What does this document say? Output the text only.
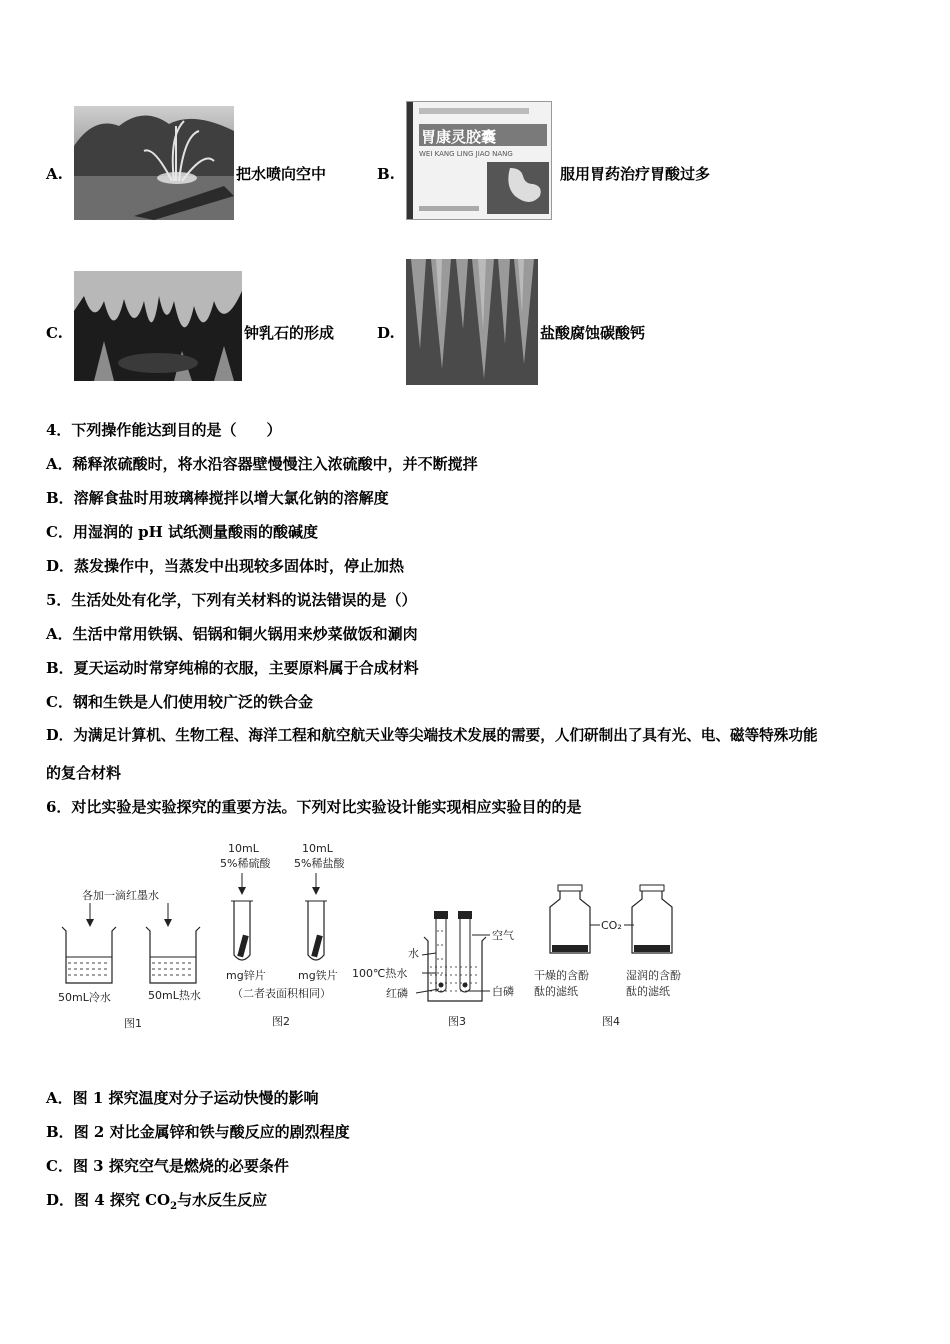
A.	把水喷向空中	B.
胃康灵胶囊
WEI KANG LING JIAO NANG
服用胃药治疗胃酸过多
C.	钟乳石的形成	D.	盐酸腐蚀碳酸钙
4．下列操作能达到目的是（　　）
A．稀释浓硫酸时，将水沿容器壁慢慢注入浓硫酸中，并不断搅拌
B．溶解食盐时用玻璃棒搅拌以增大氯化钠的溶解度
C．用湿润的 pH 试纸测量酸雨的酸碱度
D．蒸发操作中，当蒸发中出现较多固体时，停止加热
5．生活处处有化学，下列有关材料的说法错误的是（）
A．生活中常用铁锅、铝锅和铜火锅用来炒菜做饭和涮肉
B．夏天运动时常穿纯棉的衣服，主要原料属于合成材料
C．钢和生铁是人们使用较广泛的铁合金
D．为满足计算机、生物工程、海洋工程和航空航天业等尖端技术发展的需要，人们研制出了具有光、电、磁等特殊功能
的复合材料
6．对比实验是实验探究的重要方法。下列对比实验设计能实现相应实验目的的是
各加一滴红墨水
50mL冷水	50mL热水
图1
10mL
5%稀硫酸
10mL
5%稀盐酸
mg锌片	mg铁片
（二者表面积相同）
图2
空气
水
100℃热水
红磷	白磷
图3
CO₂
干燥的含酚
酞的滤纸
湿润的含酚
酞的滤纸
图4
A．图 1 探究温度对分子运动快慢的影响
B．图 2 对比金属锌和铁与酸反应的剧烈程度
C．图 3 探究空气是燃烧的必要条件
D．图 4 探究 $CO_2$与水反生反应
